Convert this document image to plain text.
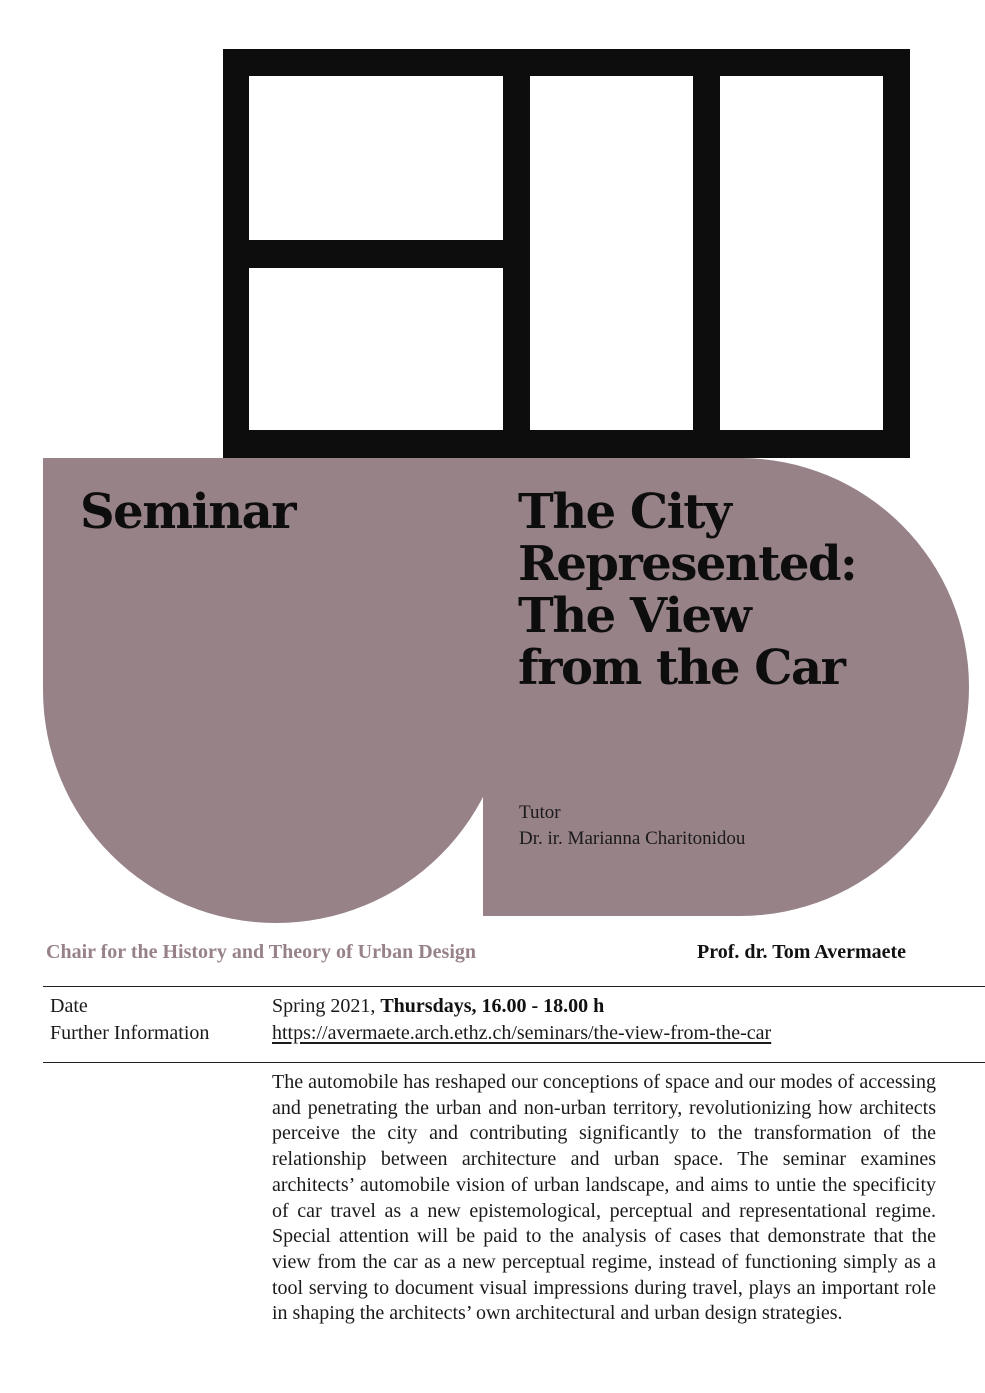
Seminar	The City
Represented:
The View
from the Car
Tutor
Dr. ir. Marianna Charitonidou
Chair for the History and Theory of Urban Design	Prof. dr. Tom Avermaete
Date	Spring 2021, Thursdays, 16.00 - 18.00 h
Further Information	https://avermaete.arch.ethz.ch/seminars/the-view-from-the-car
The automobile has reshaped our conceptions of space and our modes of accessing and penetrating the urban and non-urban territory, revolutionizing how architects perceive the city and contributing significantly to the transformation of the relationship between architecture and urban space. The seminar examines architects’ automobile vision of urban landscape, and aims to untie the specificity of car travel as a new epistemological, perceptual and representational regime. Special attention will be paid to the analysis of cases that demonstrate that the view from the car as a new perceptual regime, instead of functioning simply as a tool serving to document visual impressions during travel, plays an important role in shaping the architects’ own architectural and urban design strategies.
